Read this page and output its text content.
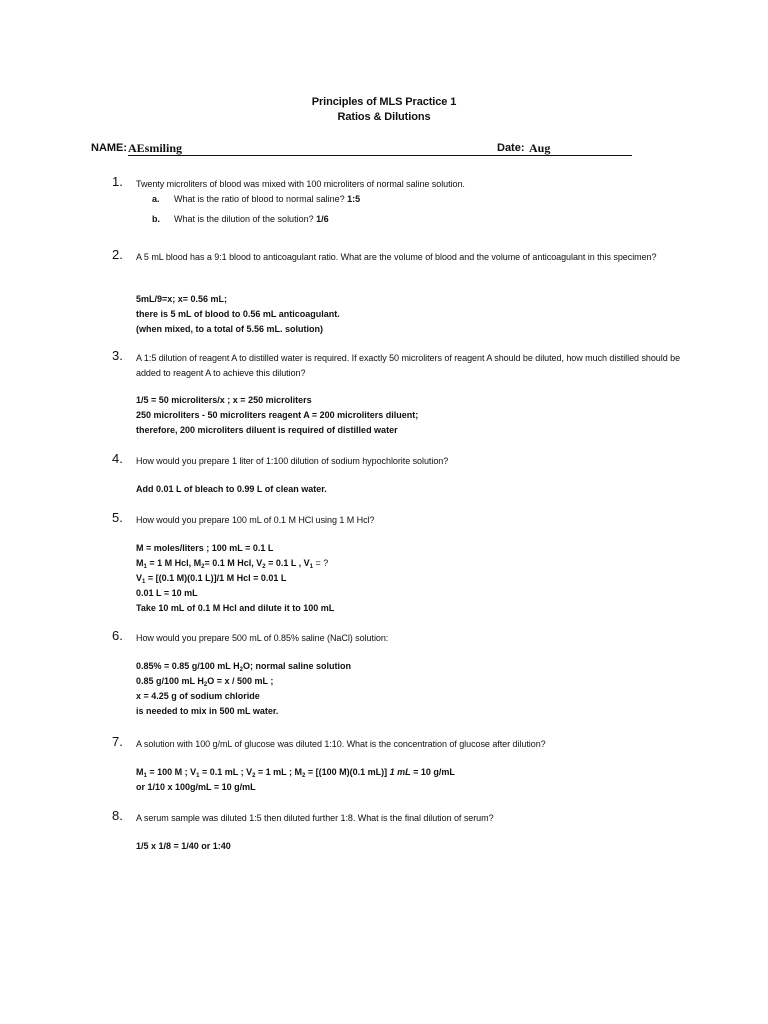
Principles of MLS Practice 1
Ratios & Dilutions
NAME: AEsmiling	Date: Aug
1. Twenty microliters of blood was mixed with 100 microliters of normal saline solution.
a. What is the ratio of blood to normal saline? 1:5
b. What is the dilution of the solution? 1/6
2. A 5 mL blood has a 9:1 blood to anticoagulant ratio. What are the volume of blood and the volume of anticoagulant in this specimen?
5mL/9=x; x= 0.56 mL;
there is 5 mL of blood to 0.56 mL anticoagulant.
(when mixed, to a total of 5.56 mL. solution)
3. A 1:5 dilution of reagent A to distilled water is required. If exactly 50 microliters of reagent A should be diluted, how much distilled should be added to reagent A to achieve this dilution?
1/5 = 50 microliters/x ; x = 250 microliters
250 microliters - 50 microliters reagent A = 200 microliters diluent;
therefore, 200 microliters diluent is required of distilled water
4. How would you prepare 1 liter of 1:100 dilution of sodium hypochlorite solution?
Add 0.01 L of bleach to 0.99 L of clean water.
5. How would you prepare 100 mL of 0.1 M HCl using 1 M Hcl?
M = moles/liters ; 100 mL = 0.1 L
$M_1 = 1$ M Hcl, $M_2= 0.1$ M Hcl, $V_2 = 0.1$ L , $V_1$ = ?
$V_1 = [(0.1$ M)(0.1 L)]/1 M Hcl = 0.01 L
0.01 L = 10 mL
Take 10 mL of 0.1 M Hcl and dilute it to 100 mL
6. How would you prepare 500 mL of 0.85% saline (NaCl) solution:
0.85% = 0.85 g/100 mL $H_2O$; normal saline solution
0.85 g/100 mL $H_2O = x / 500$ mL ;
x = 4.25 g of sodium chloride
is needed to mix in 500 mL water.
7. A solution with 100 g/mL of glucose was diluted 1:10. What is the concentration of glucose after dilution?
$M_1 = 100$ M ; $V_1 = 0.1$ mL ; $V_2 = 1$ mL ; $M_2 = [(100$ M)(0.1 mL)] 1 mL = 10 g/mL
or 1/10 x 100g/mL = 10 g/mL
8. A serum sample was diluted 1:5 then diluted further 1:8. What is the final dilution of serum?
1/5 x 1/8 = 1/40 or 1:40
